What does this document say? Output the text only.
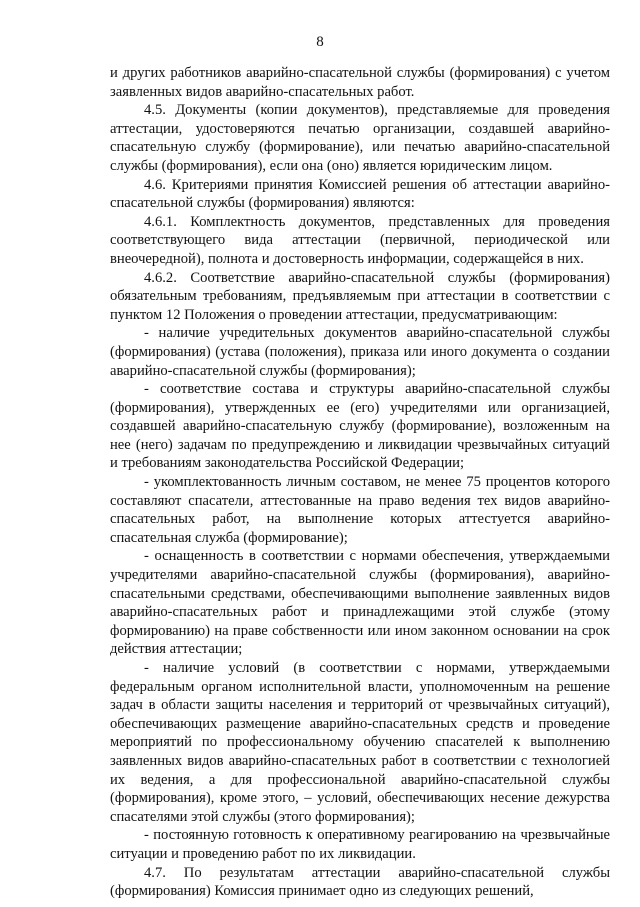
8

и других работников аварийно-спасательной службы (формирования) с учетом заявленных видов аварийно-спасательных работ.

4.5. Документы (копии документов), представляемые для проведения аттестации, удостоверяются печатью организации, создавшей аварийно-спасательную службу (формирование), или печатью аварийно-спасательной службы (формирования), если она (оно) является юридическим лицом.

4.6. Критериями принятия Комиссией решения об аттестации аварийно-спасательной службы (формирования) являются:

4.6.1. Комплектность документов, представленных для проведения соответствующего вида аттестации (первичной, периодической или внеочередной), полнота и достоверность информации, содержащейся в них.

4.6.2. Соответствие аварийно-спасательной службы (формирования) обязательным требованиям, предъявляемым при аттестации в соответствии с пунктом 12 Положения о проведении аттестации, предусматривающим:

- наличие учредительных документов аварийно-спасательной службы (формирования) (устава (положения), приказа или иного документа о создании аварийно-спасательной службы (формирования);

- соответствие состава и структуры аварийно-спасательной службы (формирования), утвержденных ее (его) учредителями или организацией, создавшей аварийно-спасательную службу (формирование), возложенным на нее (него) задачам по предупреждению и ликвидации чрезвычайных ситуаций и требованиям законодательства Российской Федерации;

- укомплектованность личным составом, не менее 75 процентов которого составляют спасатели, аттестованные на право ведения тех видов аварийно-спасательных работ, на выполнение которых аттестуется аварийно-спасательная служба (формирование);

- оснащенность в соответствии с нормами обеспечения, утверждаемыми учредителями аварийно-спасательной службы (формирования), аварийно-спасательными средствами, обеспечивающими выполнение заявленных видов аварийно-спасательных работ и принадлежащими этой службе (этому формированию) на праве собственности или ином законном основании на срок действия аттестации;

- наличие условий (в соответствии с нормами, утверждаемыми федеральным органом исполнительной власти, уполномоченным на решение задач в области защиты населения и территорий от чрезвычайных ситуаций), обеспечивающих размещение аварийно-спасательных средств и проведение мероприятий по профессиональному обучению спасателей к выполнению заявленных видов аварийно-спасательных работ в соответствии с технологией их ведения, а для профессиональной аварийно-спасательной службы (формирования), кроме этого, – условий, обеспечивающих несение дежурства спасателями этой службы (этого формирования);

- постоянную готовность к оперативному реагированию на чрезвычайные ситуации и проведению работ по их ликвидации.

4.7. По результатам аттестации аварийно-спасательной службы (формирования) Комиссия принимает одно из следующих решений,
